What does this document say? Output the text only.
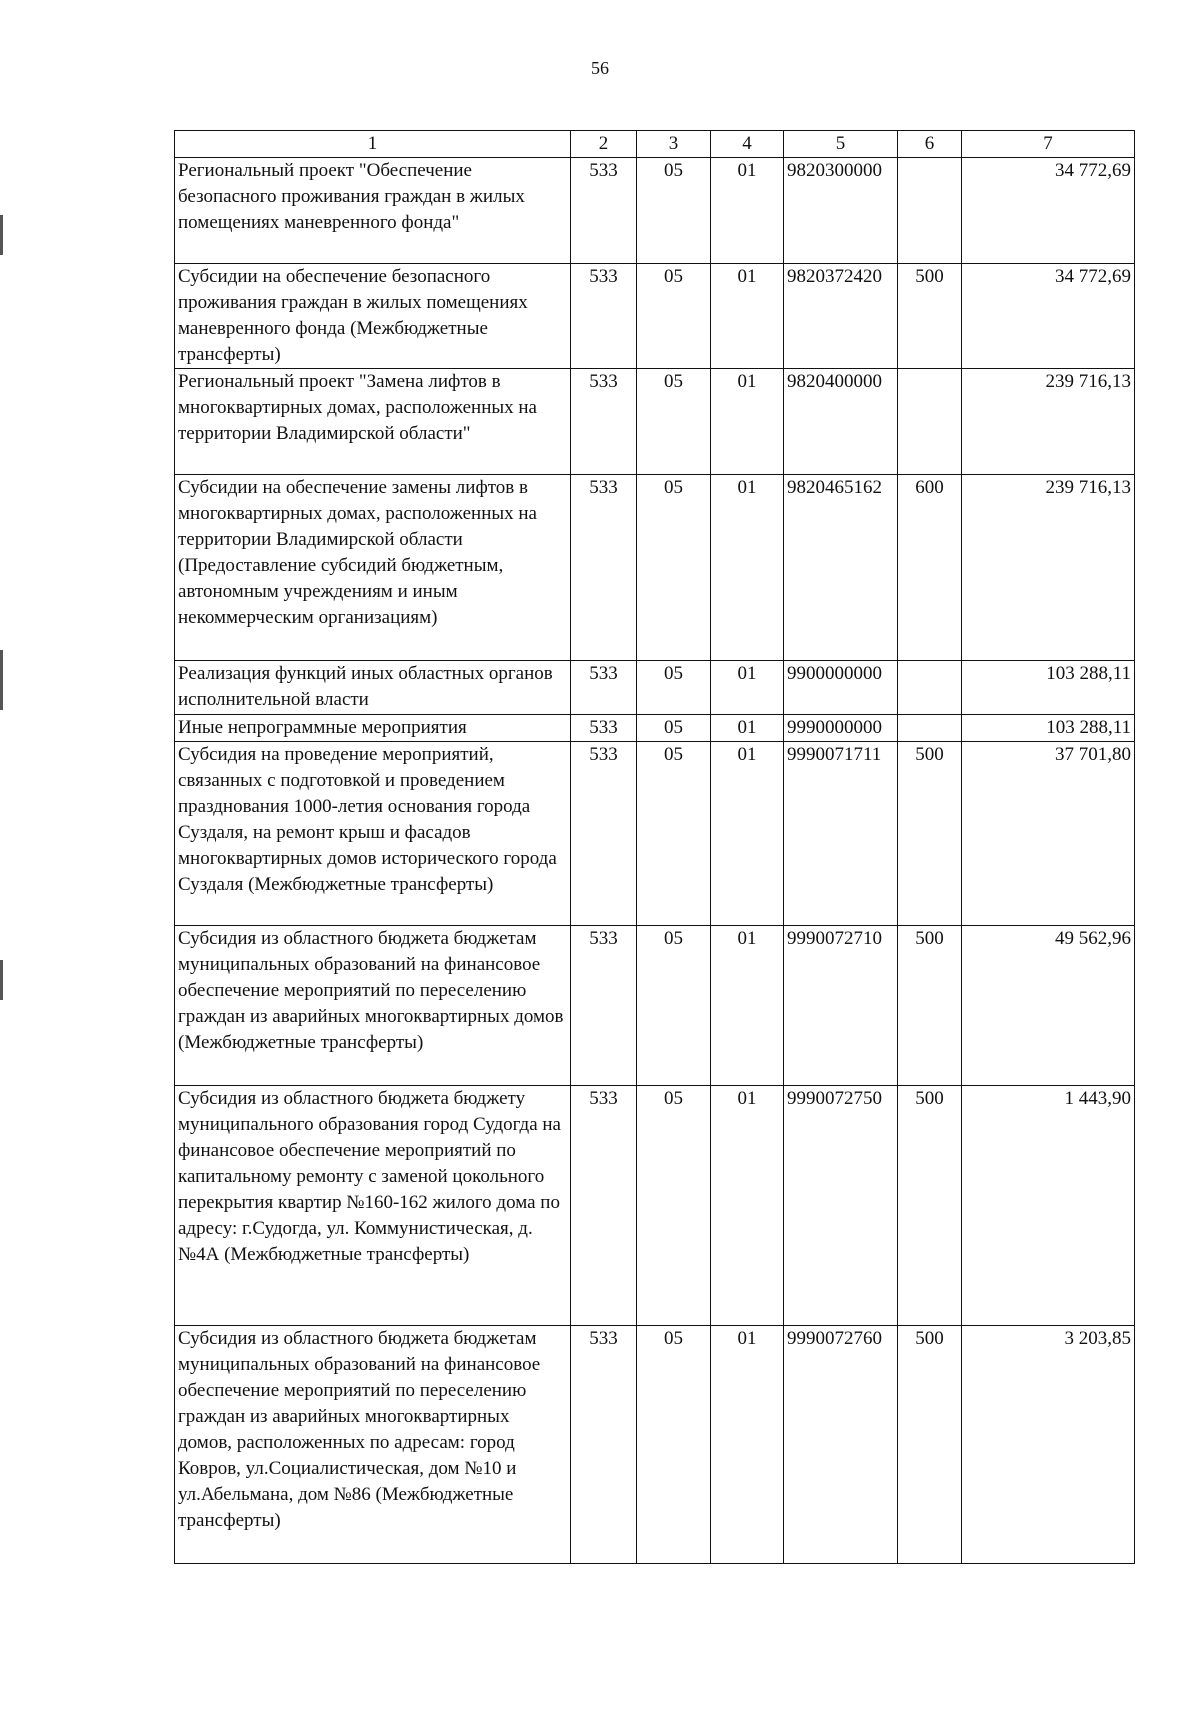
56
1	2	3	4	5	6	7
Региональный проект "Обеспечение безопасного проживания граждан в жилых помещениях маневренного фонда"	533	05	01	9820300000		34 772,69
Субсидии на обеспечение безопасного проживания граждан в жилых помещениях маневренного фонда (Межбюджетные трансферты)	533	05	01	9820372420	500	34 772,69
Региональный проект "Замена лифтов в многоквартирных домах, расположенных на территории Владимирской области"	533	05	01	9820400000		239 716,13
Субсидии на обеспечение замены лифтов в многоквартирных домах, расположенных на территории Владимирской области (Предоставление субсидий бюджетным, автономным учреждениям и иным некоммерческим организациям)	533	05	01	9820465162	600	239 716,13
Реализация функций иных областных органов исполнительной власти	533	05	01	9900000000		103 288,11
Иные непрограммные мероприятия	533	05	01	9990000000		103 288,11
Субсидия на проведение мероприятий, связанных с подготовкой и проведением празднования 1000-летия основания города Суздаля, на ремонт крыш и фасадов многоквартирных домов исторического города Суздаля (Межбюджетные трансферты)	533	05	01	9990071711	500	37 701,80
Субсидия из областного бюджета бюджетам муниципальных образований на финансовое обеспечение мероприятий по переселению граждан из аварийных многоквартирных домов (Межбюджетные трансферты)	533	05	01	9990072710	500	49 562,96
Субсидия из областного бюджета бюджету муниципального образования город Судогда на финансовое обеспечение мероприятий по капитальному ремонту с заменой цокольного перекрытия квартир №160-162 жилого дома по адресу: г.Судогда, ул. Коммунистическая, д.№4А (Межбюджетные трансферты)	533	05	01	9990072750	500	1 443,90
Субсидия из областного бюджета бюджетам муниципальных образований на финансовое обеспечение мероприятий по переселению граждан из аварийных многоквартирных домов, расположенных по адресам: город Ковров, ул.Социалистическая, дом №10 и ул.Абельмана, дом №86 (Межбюджетные трансферты)	533	05	01	9990072760	500	3 203,85
